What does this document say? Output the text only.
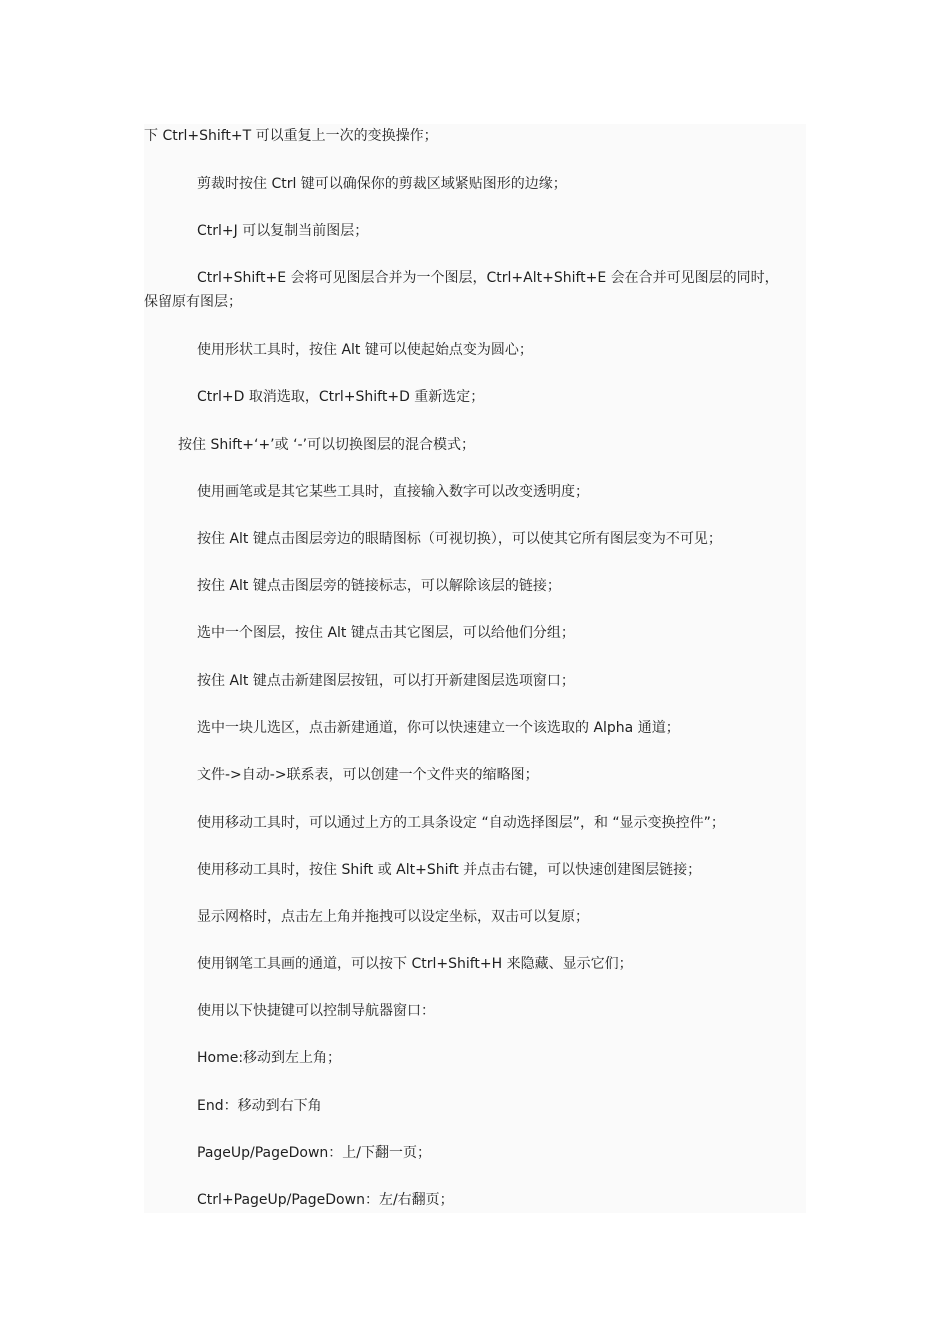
下 Ctrl+Shift+T 可以重复上一次的变换操作；
剪裁时按住 Ctrl 键可以确保你的剪裁区域紧贴图形的边缘；
Ctrl+J 可以复制当前图层；
Ctrl+Shift+E 会将可见图层合并为一个图层，Ctrl+Alt+Shift+E 会在合并可见图层的同时，
保留原有图层；
使用形状工具时，按住 Alt 键可以使起始点变为圆心；
Ctrl+D 取消选取，Ctrl+Shift+D 重新选定；
按住 Shift+‘+’或 ‘-’可以切换图层的混合模式；
使用画笔或是其它某些工具时，直接输入数字可以改变透明度；
按住 Alt 键点击图层旁边的眼睛图标（可视切换），可以使其它所有图层变为不可见；
按住 Alt 键点击图层旁的链接标志，可以解除该层的链接；
选中一个图层，按住 Alt 键点击其它图层，可以给他们分组；
按住 Alt 键点击新建图层按钮，可以打开新建图层选项窗口；
选中一块儿选区，点击新建通道，你可以快速建立一个该选取的 Alpha 通道；
文件->自动->联系表，可以创建一个文件夹的缩略图；
使用移动工具时，可以通过上方的工具条设定 “自动选择图层”，和 “显示变换控件”；
使用移动工具时，按住 Shift 或 Alt+Shift 并点击右键，可以快速创建图层链接；
显示网格时，点击左上角并拖拽可以设定坐标，双击可以复原；
使用钢笔工具画的通道，可以按下 Ctrl+Shift+H 来隐藏、显示它们；
使用以下快捷键可以控制导航器窗口：
Home:移动到左上角；
End：移动到右下角
PageUp/PageDown：上/下翻一页；
Ctrl+PageUp/PageDown：左/右翻页；
